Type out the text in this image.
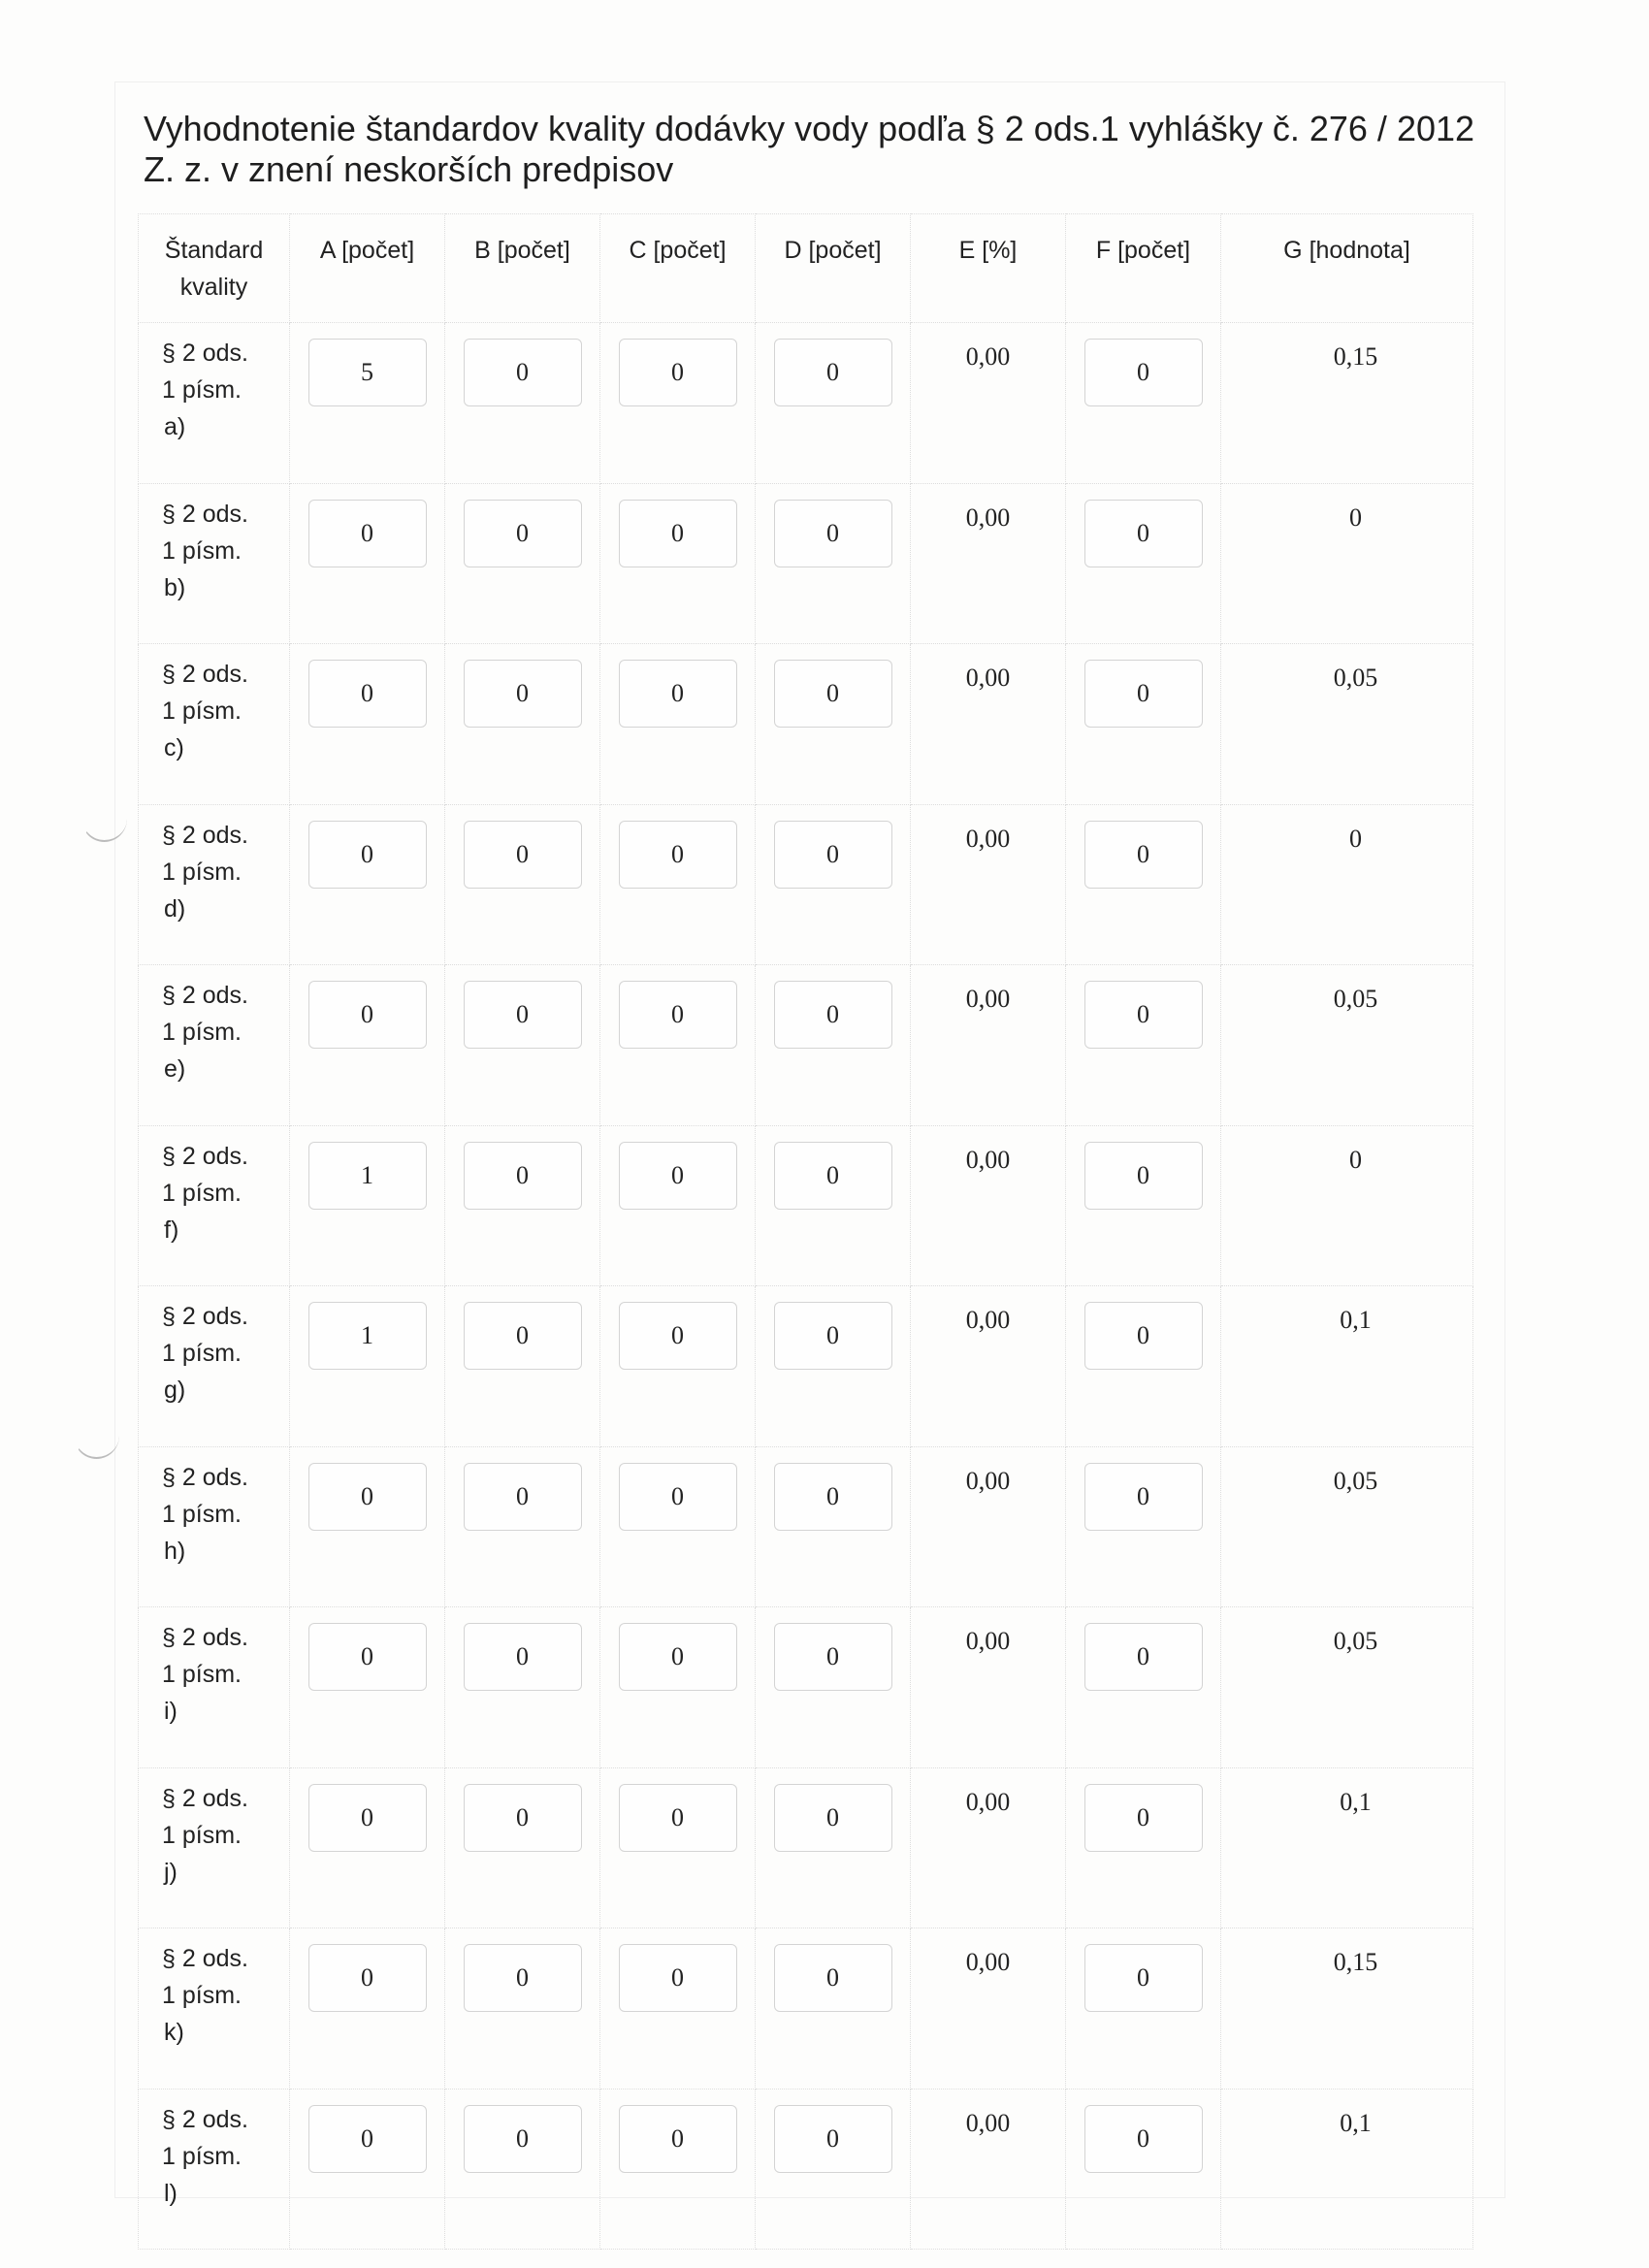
Vyhodnotenie štandardov kvality dodávky vody podľa § 2 ods.1 vyhlášky č. 276 / 2012 Z. z. v znení neskorších predpisov
Štandard kvality	A [počet]	B [počet]	C [počet]	D [počet]	E [%]	F [počet]	G [hodnota]

§ 2 ods.
1 písm.
a)	5	0	0	0	0,00	0	0,15

§ 2 ods.
1 písm.
b)	0	0	0	0	0,00	0	0

§ 2 ods.
1 písm.
c)	0	0	0	0	0,00	0	0,05

§ 2 ods.
1 písm.
d)	0	0	0	0	0,00	0	0

§ 2 ods.
1 písm.
e)	0	0	0	0	0,00	0	0,05

§ 2 ods.
1 písm.
f)	1	0	0	0	0,00	0	0

§ 2 ods.
1 písm.
g)	1	0	0	0	0,00	0	0,1

§ 2 ods.
1 písm.
h)	0	0	0	0	0,00	0	0,05

§ 2 ods.
1 písm.
i)	0	0	0	0	0,00	0	0,05

§ 2 ods.
1 písm.
j)	0	0	0	0	0,00	0	0,1

§ 2 ods.
1 písm.
k)	0	0	0	0	0,00	0	0,15

§ 2 ods.
1 písm.
l)	0	0	0	0	0,00	0	0,1
